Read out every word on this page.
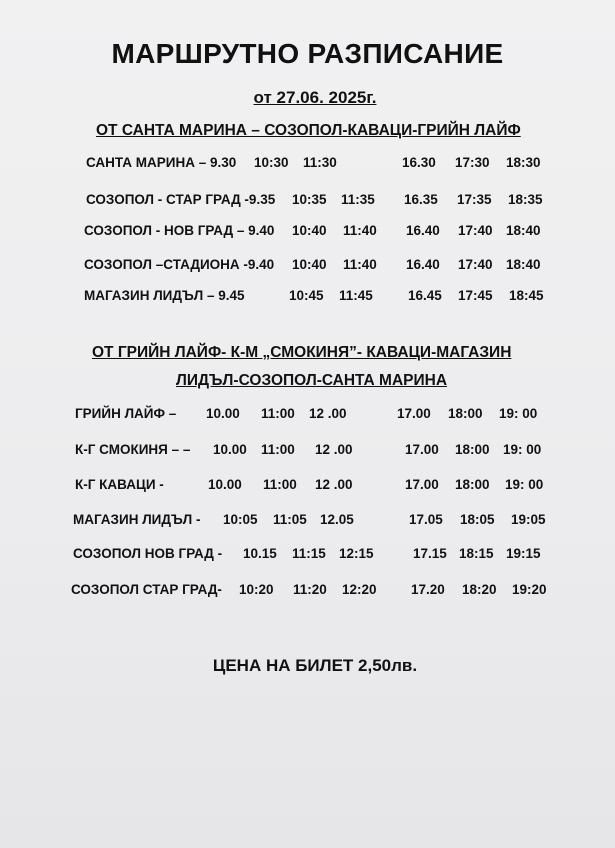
МАРШРУТНО РАЗПИСАНИЕ
от 27.06. 2025г.
ОТ САНТА МАРИНА – СОЗОПОЛ-КАВАЦИ-ГРИЙН ЛАЙФ
САНТА МАРИНА – 9.30 10:30 11:30	16.30 17:30 18:30
СОЗОПОЛ - СТАР ГРАД -9.35 10:35 11:35 16.35 17:35 18:35
СОЗОПОЛ - НОВ ГРАД – 9.40 10:40 11:40 16.40 17:40 18:40
СОЗОПОЛ –СТАДИОНА -9.40 10:40 11:40 16.40 17:40 18:40
МАГАЗИН ЛИДЪЛ – 9.45	10:45 11:45	16.45 17:45 18:45
ОТ ГРИЙН ЛАЙФ- К-М „СМОКИНЯ”- КАВАЦИ-МАГАЗИН
ЛИДЪЛ-СОЗОПОЛ-САНТА МАРИНА
ГРИЙН ЛАЙФ – 10.00 11:00 12 .00	17.00 18:00 19: 00
К-Г СМОКИНЯ – – 10.00 11:00 12 .00	17.00 18:00 19: 00
К-Г КАВАЦИ -	10.00 11:00 12 .00	17.00 18:00 19: 00
МАГАЗИН ЛИДЪЛ - 10:05 11:05 12.05	17.05 18:05 19:05
СОЗОПОЛ НОВ ГРАД - 10.15 11:15 12:15	17.15 18:15 19:15
СОЗОПОЛ СТАР ГРАД- 10:20 11:20 12:20	17.20 18:20 19:20
ЦЕНА НА БИЛЕТ 2,50лв.
